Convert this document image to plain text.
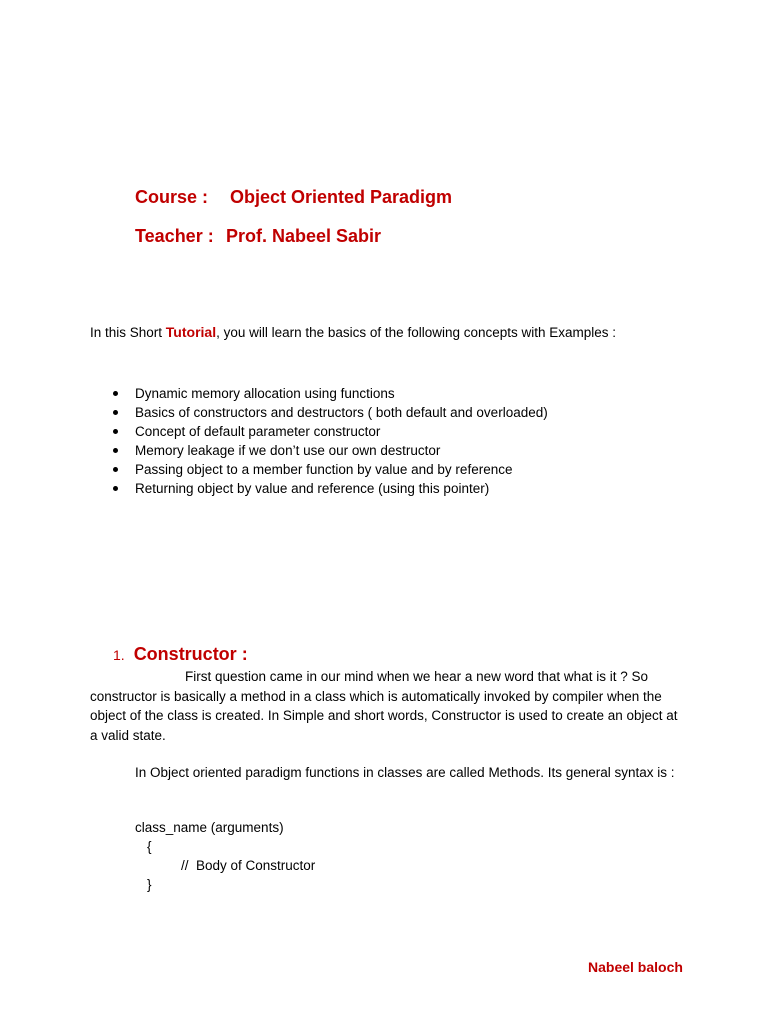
Course : Object Oriented Paradigm
Teacher : Prof. Nabeel Sabir
In this Short Tutorial, you will learn the basics of the following concepts with Examples :
Dynamic memory allocation using functions
Basics of constructors and destructors ( both default and overloaded)
Concept of default parameter constructor
Memory leakage if we don’t use our own destructor
Passing object to a member function by value and by reference
Returning object by value and reference (using this pointer)
1. Constructor :
First question came in our mind when we hear a new word that what is it ? So constructor is basically a method in a class which is automatically invoked by compiler when the object of the class is created. In Simple and short words, Constructor is used to create an object at a valid state.
In Object oriented paradigm functions in classes are called Methods. Its general syntax is :
class_name (arguments)
{
//  Body of Constructor
}
Nabeel baloch
